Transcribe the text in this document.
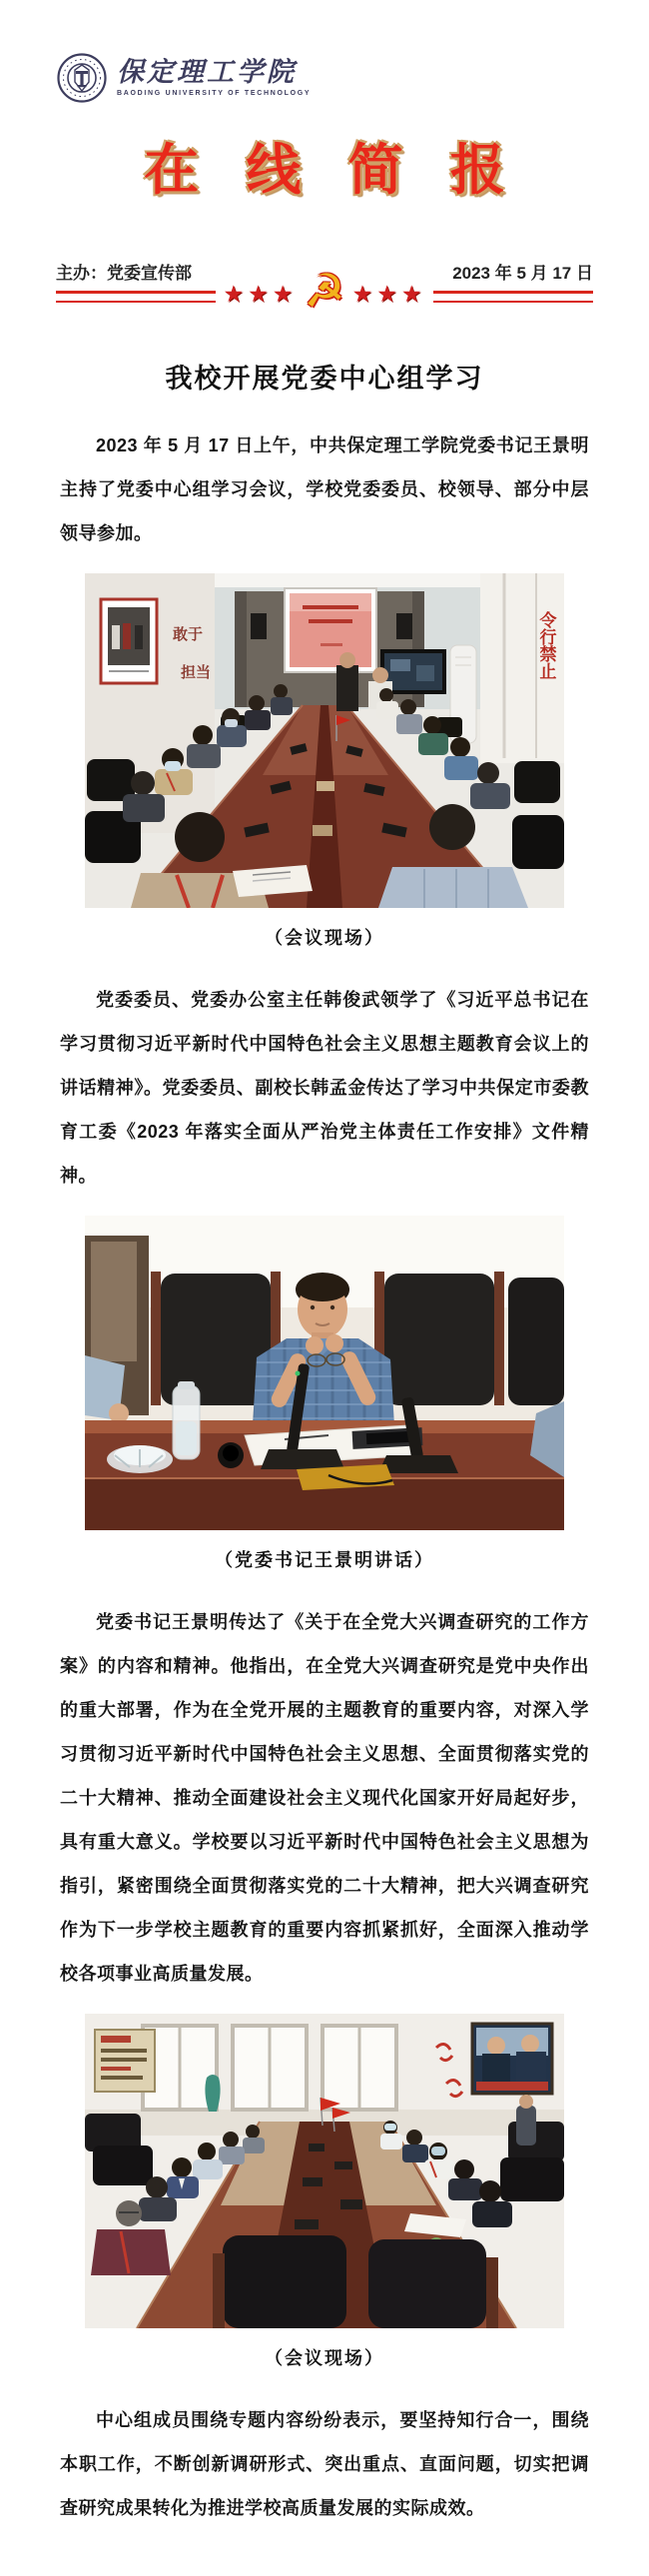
保定理工学院
BAODING UNIVERSITY OF TECHNOLOGY
在 线 简 报
主办：党委宣传部
★★★ ☭ ★★★
2023 年 5 月 17 日
我校开展党委中心组学习

2023 年 5 月 17 日上午，中共保定理工学院党委书记王景明主持了党委中心组学习会议，学校党委委员、校领导、部分中层领导参加。

令行禁止
敢于
担当
（会议现场）

党委委员、党委办公室主任韩俊武领学了《习近平总书记在学习贯彻习近平新时代中国特色社会主义思想主题教育会议上的讲话精神》。党委委员、副校长韩孟金传达了学习中共保定市委教育工委《2023 年落实全面从严治党主体责任工作安排》文件精神。

（党委书记王景明讲话）

党委书记王景明传达了《关于在全党大兴调查研究的工作方案》的内容和精神。他指出，在全党大兴调查研究是党中央作出的重大部署，作为在全党开展的主题教育的重要内容，对深入学习贯彻习近平新时代中国特色社会主义思想、全面贯彻落实党的二十大精神、推动全面建设社会主义现代化国家开好局起好步，具有重大意义。学校要以习近平新时代中国特色社会主义思想为指引，紧密围绕全面贯彻落实党的二十大精神，把大兴调查研究作为下一步学校主题教育的重要内容抓紧抓好，全面深入推动学校各项事业高质量发展。

（会议现场）

中心组成员围绕专题内容纷纷表示，要坚持知行合一，围绕本职工作，不断创新调研形式、突出重点、直面问题，切实把调查研究成果转化为推进学校高质量发展的实际成效。
